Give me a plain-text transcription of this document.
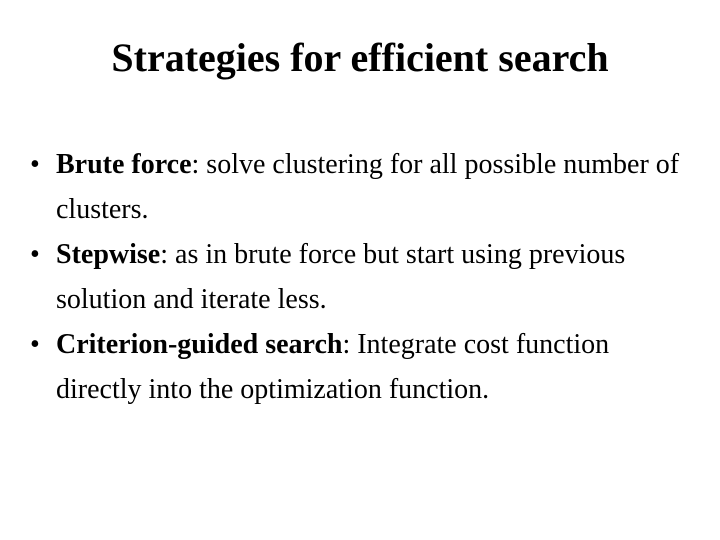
Strategies for efficient search
• Brute force: solve clustering for all possible number of clusters.
• Stepwise: as in brute force but start using previous solution and iterate less.
• Criterion-guided search: Integrate cost function directly into the optimization function.
